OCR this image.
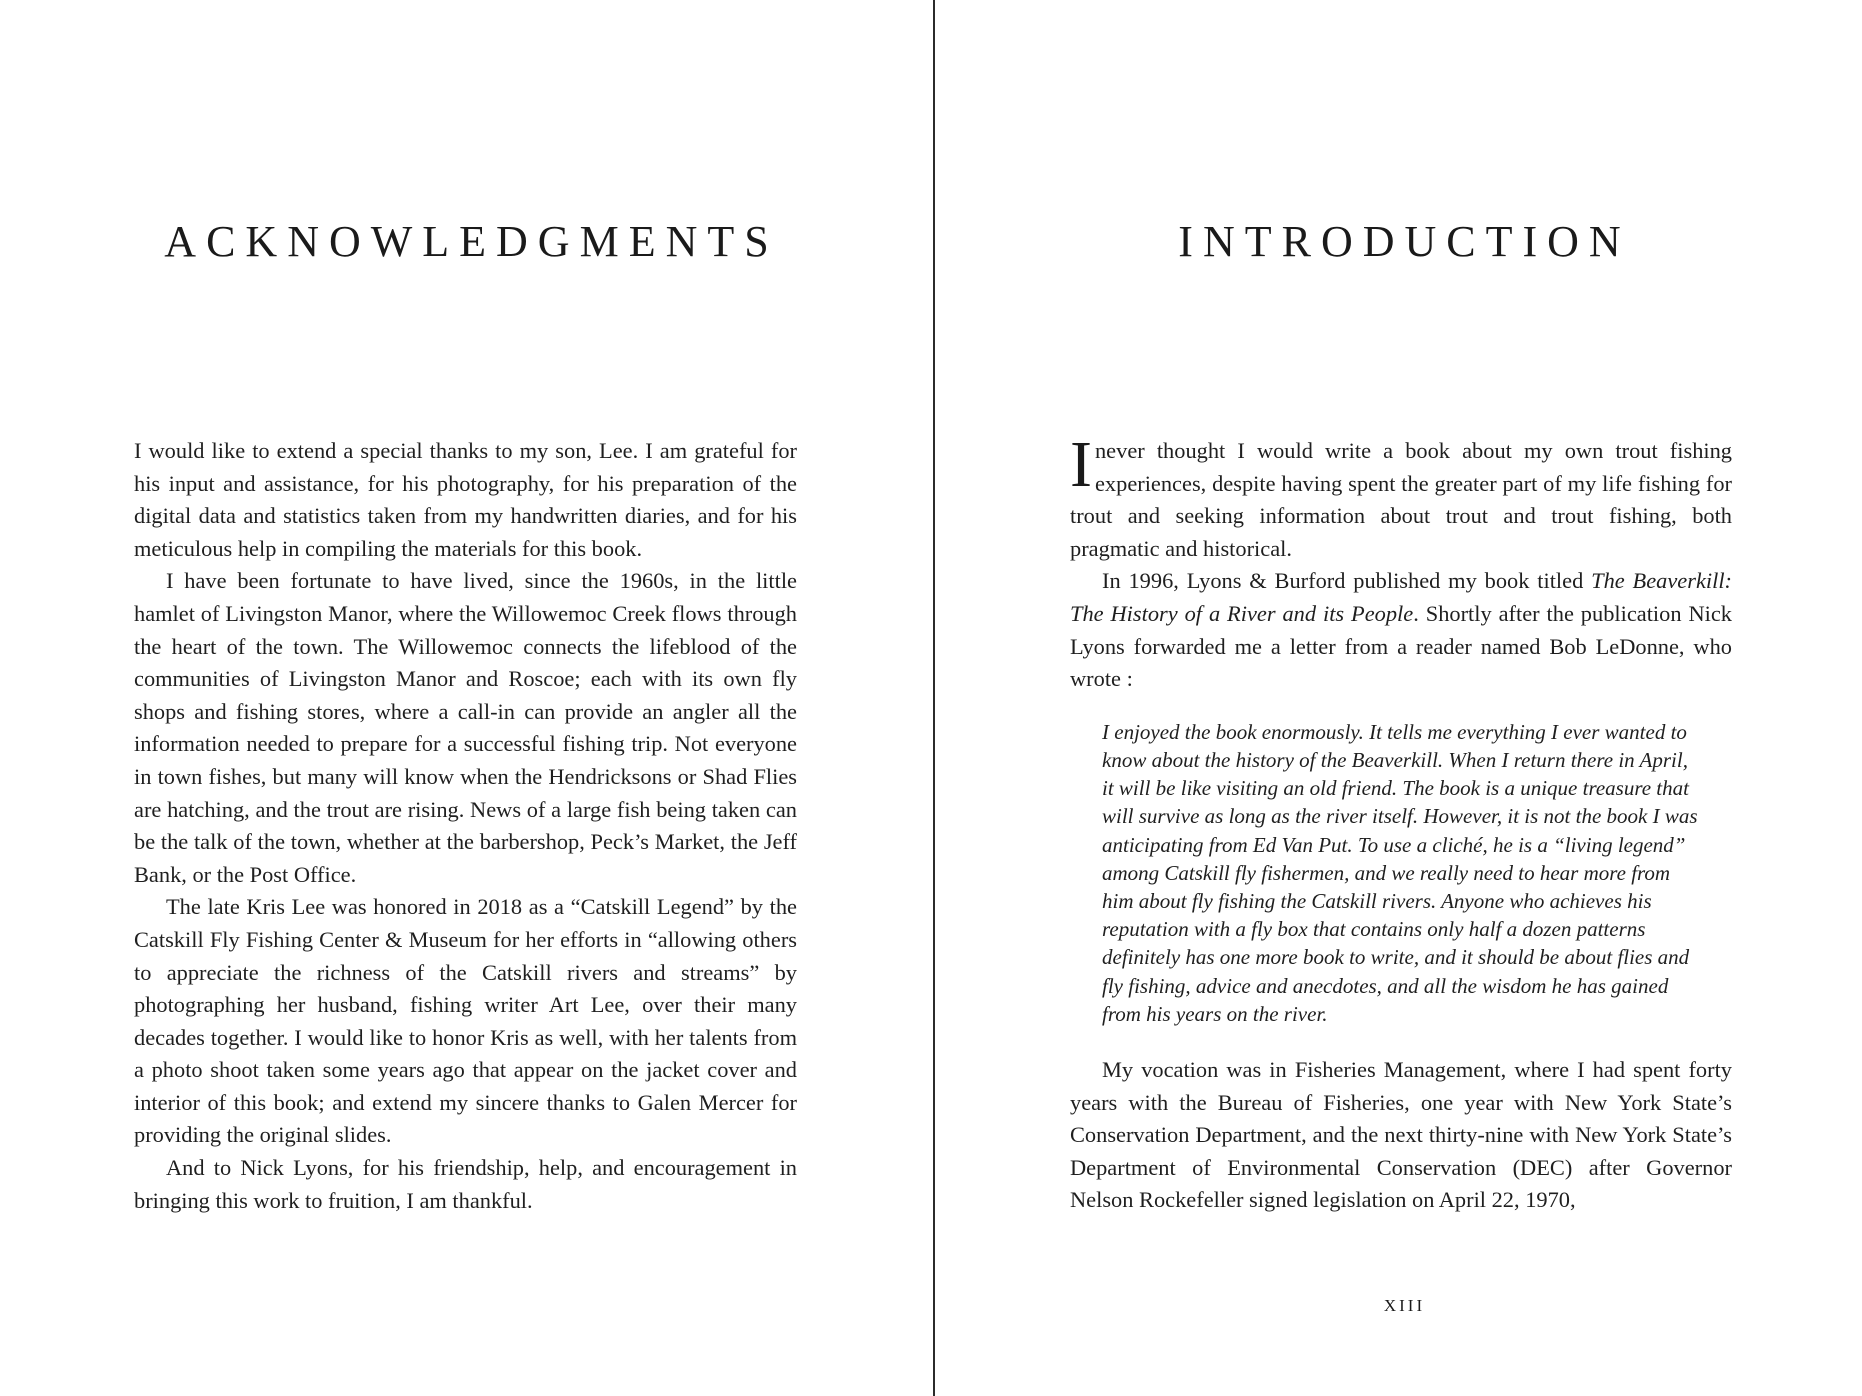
ACKNOWLEDGMENTS

I would like to extend a special thanks to my son, Lee. I am grateful for his input and assistance, for his photography, for his preparation of the digital data and statistics taken from my handwritten diaries, and for his meticulous help in compiling the materials for this book.

I have been fortunate to have lived, since the 1960s, in the little hamlet of Livingston Manor, where the Willowemoc Creek flows through the heart of the town. The Willowemoc connects the lifeblood of the communities of Livingston Manor and Roscoe; each with its own fly shops and fishing stores, where a call-in can provide an angler all the information needed to prepare for a successful fishing trip. Not everyone in town fishes, but many will know when the Hendricksons or Shad Flies are hatching, and the trout are rising. News of a large fish being taken can be the talk of the town, whether at the barbershop, Peck’s Market, the Jeff Bank, or the Post Office.

The late Kris Lee was honored in 2018 as a “Catskill Legend” by the Catskill Fly Fishing Center & Museum for her efforts in “allowing others to appreciate the richness of the Catskill rivers and streams” by photographing her husband, fishing writer Art Lee, over their many decades together. I would like to honor Kris as well, with her talents from a photo shoot taken some years ago that appear on the jacket cover and interior of this book; and extend my sincere thanks to Galen Mercer for providing the original slides.

And to Nick Lyons, for his friendship, help, and encouragement in bringing this work to fruition, I am thankful.

INTRODUCTION

Inever thought I would write a book about my own trout fishing experiences, despite having spent the greater part of my life fishing for trout and seeking information about trout and trout fishing, both pragmatic and historical.

In 1996, Lyons & Burford published my book titled The Beaverkill: The History of a River and its People. Shortly after the publication Nick Lyons forwarded me a letter from a reader named Bob LeDonne, who wrote :

I enjoyed the book enormously. It tells me everything I ever wanted to know about the history of the Beaverkill. When I return there in April, it will be like visiting an old friend. The book is a unique treasure that will survive as long as the river itself. However, it is not the book I was anticipating from Ed Van Put. To use a cliché, he is a “living legend” among Catskill fly fishermen, and we really need to hear more from him about fly fishing the Catskill rivers. Anyone who achieves his reputation with a fly box that contains only half a dozen patterns definitely has one more book to write, and it should be about flies and fly fishing, advice and anecdotes, and all the wisdom he has gained from his years on the river.

My vocation was in Fisheries Management, where I had spent forty years with the Bureau of Fisheries, one year with New York State’s Conservation Department, and the next thirty-nine with New York State’s Department of Environmental Conservation (DEC) after Governor Nelson Rockefeller signed legislation on April 22, 1970,

XIII
